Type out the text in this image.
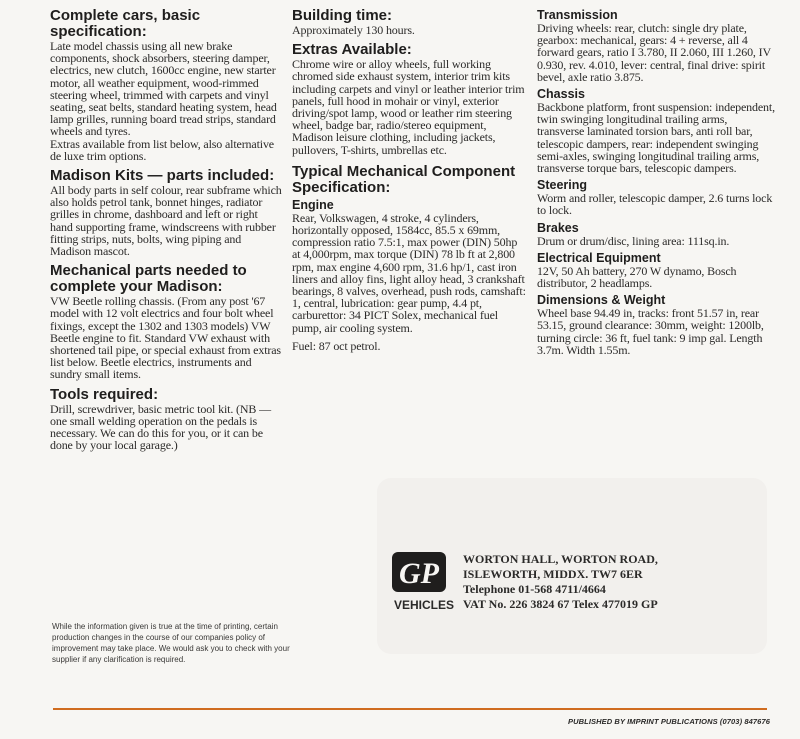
Complete cars, basic specification:

Late model chassis using all new brake components, shock absorbers, steering damper, electrics, new clutch, 1600cc engine, new starter motor, all weather equipment, wood-rimmed steering wheel, trimmed with carpets and vinyl seating, seat belts, standard heating system, head lamp grilles, running board tread strips, standard wheels and tyres.

Extras available from list below, also alternative de luxe trim options.

Madison Kits — parts included:

All body parts in self colour, rear subframe which also holds petrol tank, bonnet hinges, radiator grilles in chrome, dashboard and left or right hand supporting frame, windscreens with rubber fitting strips, nuts, bolts, wing piping and Madison mascot.

Mechanical parts needed to complete your Madison:

VW Beetle rolling chassis. (From any post '67 model with 12 volt electrics and four bolt wheel fixings, except the 1302 and 1303 models) VW Beetle engine to fit. Standard VW exhaust with shortened tail pipe, or special exhaust from extras list below. Beetle electrics, instruments and sundry small items.

Tools required:

Drill, screwdriver, basic metric tool kit. (NB — one small welding operation on the pedals is necessary. We can do this for you, or it can be done by your local garage.)

Building time:

Approximately 130 hours.

Extras Available:

Chrome wire or alloy wheels, full working chromed side exhaust system, interior trim kits including carpets and vinyl or leather interior trim panels, full hood in mohair or vinyl, exterior driving/spot lamp, wood or leather rim steering wheel, badge bar, radio/stereo equipment, Madison leisure clothing, including jackets, pullovers, T-shirts, umbrellas etc.

Typical Mechanical Component Specification:
Engine

Rear, Volkswagen, 4 stroke, 4 cylinders, horizontally opposed, 1584cc, 85.5 x 69mm, compression ratio 7.5:1, max power (DIN) 50hp at 4,000rpm, max torque (DIN) 78 lb ft at 2,800 rpm, max engine 4,600 rpm, 31.6 hp/1, cast iron liners and alloy fins, light alloy head, 3 crankshaft bearings, 8 valves, overhead, push rods, camshaft: 1, central, lubrication: gear pump, 4.4 pt, carburettor: 34 PICT Solex, mechanical fuel pump, air cooling system.

Fuel: 87 oct petrol.

Transmission

Driving wheels: rear, clutch: single dry plate, gearbox: mechanical, gears: 4 + reverse, all 4 forward gears, ratio I 3.780, II 2.060, III 1.260, IV 0.930, rev. 4.010, lever: central, final drive: spirit bevel, axle ratio 3.875.

Chassis

Backbone platform, front suspension: independent, twin swinging longitudinal trailing arms, transverse laminated torsion bars, anti roll bar, telescopic dampers, rear: independent swinging semi-axles, swinging longitudinal trailing arms, transverse torque bars, telescopic dampers.

Steering

Worm and roller, telescopic damper, 2.6 turns lock to lock.

Brakes

Drum or drum/disc, lining area: 111sq.in.

Electrical Equipment

12V, 50 Ah battery, 270 W dynamo, Bosch distributor, 2 headlamps.

Dimensions & Weight

Wheel base 94.49 in, tracks: front 51.57 in, rear 53.15, ground clearance: 30mm, weight: 1200lb, turning circle: 36 ft, fuel tank: 9 imp gal. Length 3.7m. Width 1.55m.

GP
VEHICLES
WORTON HALL, WORTON ROAD,
ISLEWORTH, MIDDX. TW7 6ER
Telephone 01-568 4711/4664
VAT No. 226 3824 67 Telex 477019 GP
While the information given is true at the time of printing, certain production changes in the course of our companies policy of improvement may take place. We would ask you to check with your supplier if any clarification is required.
PUBLISHED BY IMPRINT PUBLICATIONS (0703) 847676
